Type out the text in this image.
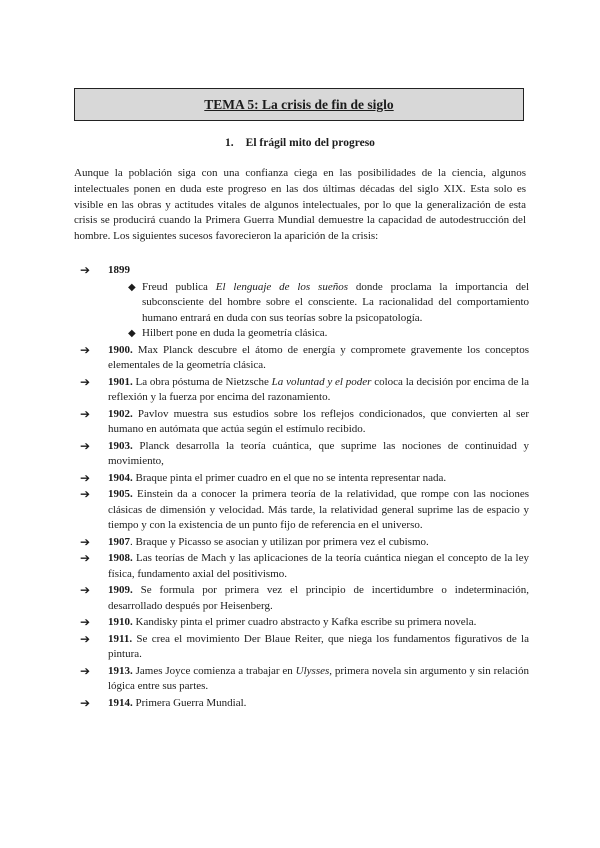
TEMA 5: La crisis de fin de siglo
1. El frágil mito del progreso

Aunque la población siga con una confianza ciega en las posibilidades de la ciencia, algunos intelectuales ponen en duda este progreso en las dos últimas décadas del siglo XIX. Esta solo es visible en las obras y actitudes vitales de algunos intelectuales, por lo que la generalización de esta crisis se producirá cuando la Primera Guerra Mundial demuestre la capacidad de autodestrucción del hombre. Los siguientes sucesos favorecieron la aparición de la crisis:

➔ 1899
◆ Freud publica El lenguaje de los sueños donde proclama la importancia del subconsciente del hombre sobre el consciente. La racionalidad del comportamiento humano entrará en duda con sus teorías sobre la psicopatología.
◆ Hilbert pone en duda la geometría clásica.
➔ 1900. Max Planck descubre el átomo de energía y compromete gravemente los conceptos elementales de la geometría clásica.
➔ 1901. La obra póstuma de Nietzsche La voluntad y el poder coloca la decisión por encima de la reflexión y la fuerza por encima del razonamiento.
➔ 1902. Pavlov muestra sus estudios sobre los reflejos condicionados, que convierten al ser humano en autómata que actúa según el estímulo recibido.
➔ 1903. Planck desarrolla la teoría cuántica, que suprime las nociones de continuidad y movimiento,
➔ 1904. Braque pinta el primer cuadro en el que no se intenta representar nada.
➔ 1905. Einstein da a conocer la primera teoría de la relatividad, que rompe con las nociones clásicas de dimensión y velocidad. Más tarde, la relatividad general suprime las de espacio y tiempo y con la existencia de un punto fijo de referencia en el universo.
➔ 1907. Braque y Picasso se asocian y utilizan por primera vez el cubismo.
➔ 1908. Las teorías de Mach y las aplicaciones de la teoría cuántica niegan el concepto de la ley física, fundamento axial del positivismo.
➔ 1909. Se formula por primera vez el principio de incertidumbre o indeterminación, desarrollado después por Heisenberg.
➔ 1910. Kandisky pinta el primer cuadro abstracto y Kafka escribe su primera novela.
➔ 1911. Se crea el movimiento Der Blaue Reiter, que niega los fundamentos figurativos de la pintura.
➔ 1913. James Joyce comienza a trabajar en Ulysses, primera novela sin argumento y sin relación lógica entre sus partes.
➔ 1914. Primera Guerra Mundial.
